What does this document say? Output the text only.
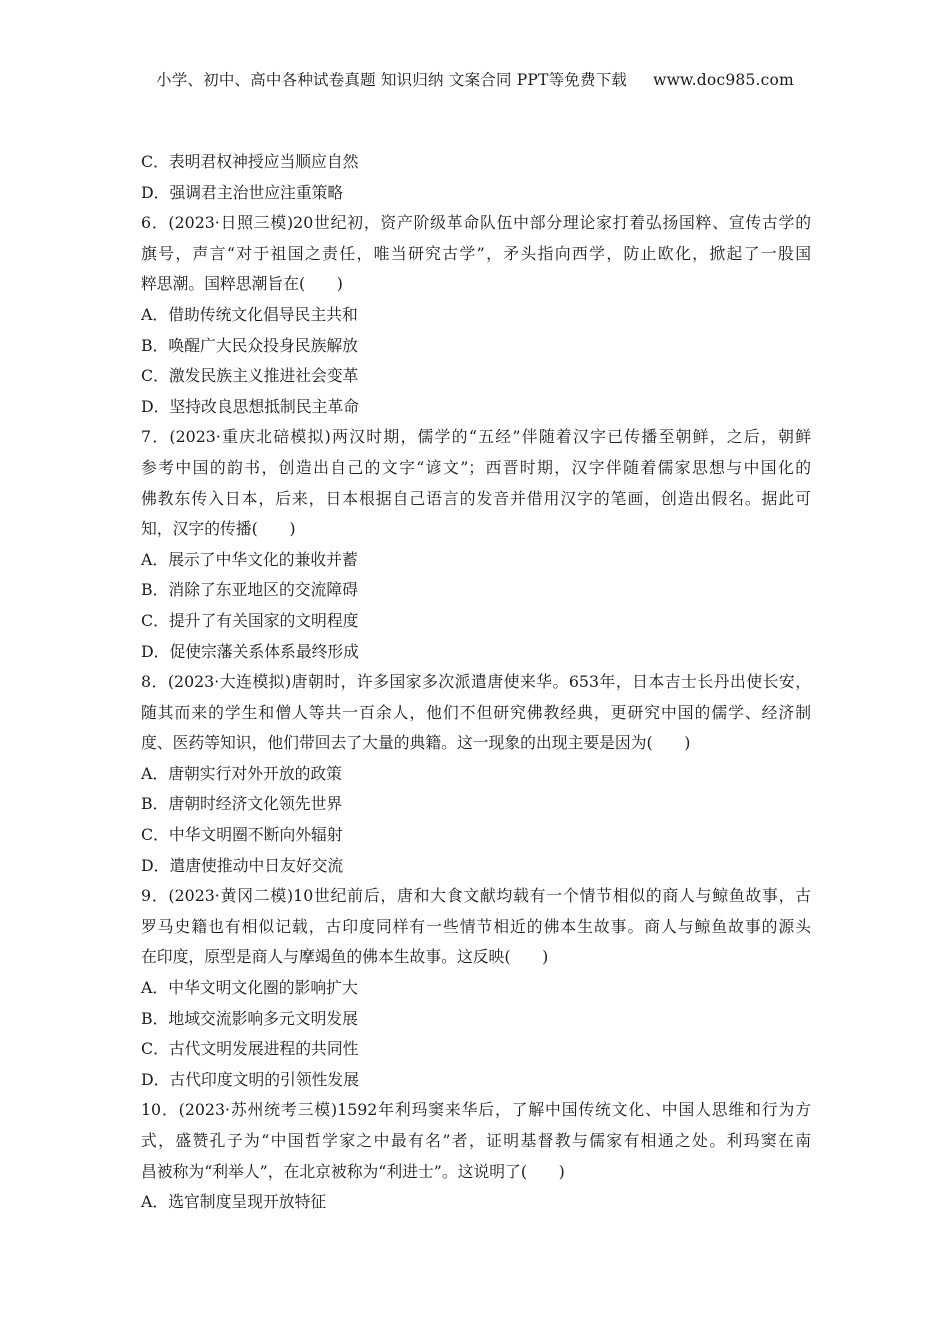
小学、初中、高中各种试卷真题 知识归纳 文案合同 PPT等免费下载 www.doc985.com
C．表明君权神授应当顺应自然
D．强调君主治世应注重策略
6．(2023·日照三模)20世纪初，资产阶级革命队伍中部分理论家打着弘扬国粹、宣传古学的
旗号，声言“对于祖国之责任，唯当研究古学”，矛头指向西学，防止欧化，掀起了一股国
粹思潮。国粹思潮旨在(　　)
A．借助传统文化倡导民主共和
B．唤醒广大民众投身民族解放
C．激发民族主义推进社会变革
D．坚持改良思想抵制民主革命
7．(2023·重庆北碚模拟)两汉时期，儒学的“五经”伴随着汉字已传播至朝鲜，之后，朝鲜
参考中国的韵书，创造出自己的文字“谚文”；西晋时期，汉字伴随着儒家思想与中国化的
佛教东传入日本，后来，日本根据自己语言的发音并借用汉字的笔画，创造出假名。据此可
知，汉字的传播(　　)
A．展示了中华文化的兼收并蓄
B．消除了东亚地区的交流障碍
C．提升了有关国家的文明程度
D．促使宗藩关系体系最终形成
8．(2023·大连模拟)唐朝时，许多国家多次派遣唐使来华。653年，日本吉士长丹出使长安，
随其而来的学生和僧人等共一百余人，他们不但研究佛教经典，更研究中国的儒学、经济制
度、医药等知识，他们带回去了大量的典籍。这一现象的出现主要是因为(　　)
A．唐朝实行对外开放的政策
B．唐朝时经济文化领先世界
C．中华文明圈不断向外辐射
D．遣唐使推动中日友好交流
9．(2023·黄冈二模)10世纪前后，唐和大食文献均载有一个情节相似的商人与鲸鱼故事，古
罗马史籍也有相似记载，古印度同样有一些情节相近的佛本生故事。商人与鲸鱼故事的源头
在印度，原型是商人与摩竭鱼的佛本生故事。这反映(　　)
A．中华文明文化圈的影响扩大
B．地域交流影响多元文明发展
C．古代文明发展进程的共同性
D．古代印度文明的引领性发展
10．(2023·苏州统考三模)1592年利玛窦来华后，了解中国传统文化、中国人思维和行为方
式，盛赞孔子为“中国哲学家之中最有名”者，证明基督教与儒家有相通之处。利玛窦在南
昌被称为“利举人”，在北京被称为“利进士”。这说明了(　　)
A．选官制度呈现开放特征
